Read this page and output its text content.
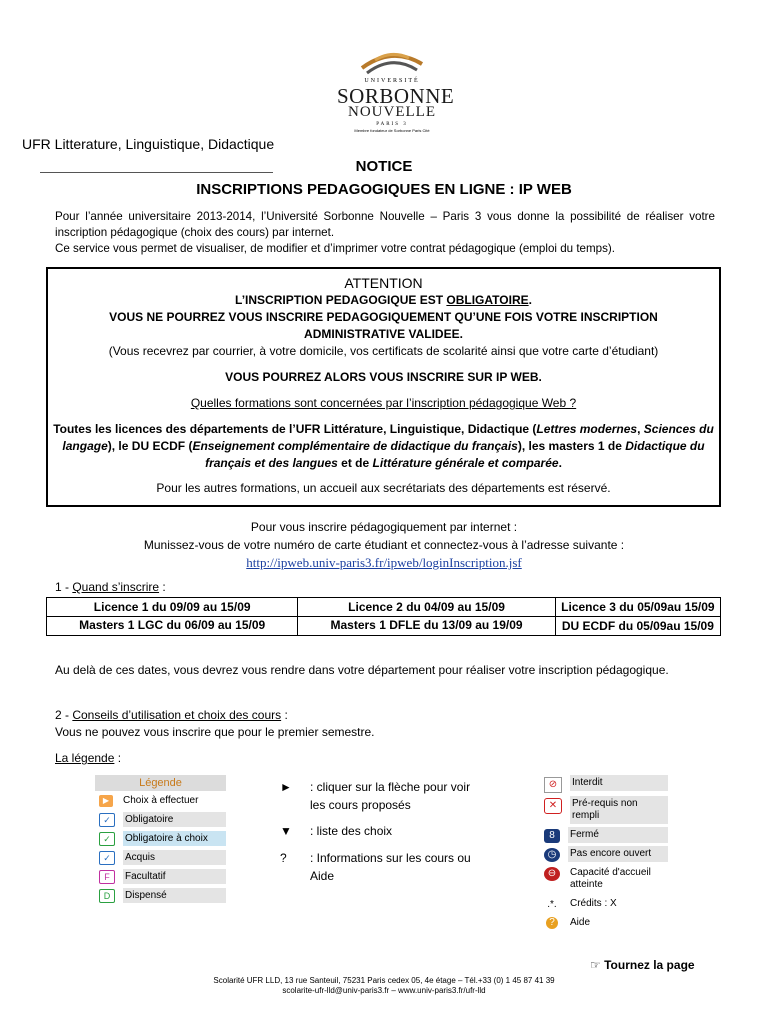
UNIVERSITÉ
SORBONNE
NOUVELLE
PARIS 3
Membre fondateur de Sorbonne Paris Cité
UFR Litterature, Linguistique, Didactique
NOTICE
INSCRIPTIONS PEDAGOGIQUES EN LIGNE : IP WEB

Pour l’année universitaire 2013-2014, l’Université Sorbonne Nouvelle – Paris 3 vous donne la possibilité de réaliser votre inscription pédagogique (choix des cours) par internet.

Ce service vous permet de visualiser, de modifier et d’imprimer votre contrat pédagogique (emploi du temps).

ATTENTION

L’INSCRIPTION PEDAGOGIQUE EST OBLIGATOIRE.

VOUS NE POURREZ VOUS INSCRIRE PEDAGOGIQUEMENT QU’UNE FOIS VOTRE INSCRIPTION ADMINISTRATIVE VALIDEE.

(Vous recevrez par courrier, à votre domicile, vos certificats de scolarité ainsi que votre carte d’étudiant)

VOUS POURREZ ALORS VOUS INSCRIRE SUR IP WEB.

Quelles formations sont concernées par l’inscription pédagogique Web ?

Toutes les licences des départements de l’UFR Littérature, Linguistique, Didactique (Lettres modernes, Sciences du langage), le DU ECDF (Enseignement complémentaire de didactique du français), les masters 1 de Didactique du français et des langues et de Littérature générale et comparée.

Pour les autres formations, un accueil aux secrétariats des départements est réservé.

Pour vous inscrire pédagogiquement par internet :
Munissez-vous de votre numéro de carte étudiant et connectez-vous à l’adresse suivante :
http://ipweb.univ-paris3.fr/ipweb/loginInscription.jsf
1 - Quand s’inscrire :
Licence 1 du 09/09 au 15/09	Licence 2 du 04/09 au 15/09	Licence 3 du 05/09au 15/09
Masters 1 LGC du 06/09 au 15/09	Masters 1 DFLE du 13/09 au 19/09	DU ECDF du 05/09au 15/09
Au delà de ces dates, vous devrez vous rendre dans votre département pour réaliser votre inscription pédagogique.
2 - Conseils d’utilisation et choix des cours :
Vous ne pouvez vous inscrire que pour le premier semestre.
La légende :
Légende
▶	Choix à effectuer
✓	Obligatoire
✓	Obligatoire à choix
✓	Acquis
F	Facultatif
D	Dispensé
►	: cliquer sur la flèche pour voir les cours proposés
▼	: liste des choix
?	: Informations sur les cours ou Aide
⊘	Interdit
✕	Pré-requis non rempli
8	Fermé
◷	Pas encore ouvert
⊖	Capacité d'accueil atteinte
.*.	Crédits : X
?	Aide
☞ Tournez la page
Scolarité UFR LLD, 13 rue Santeuil, 75231 Paris cedex 05, 4e étage – Tél.+33 (0) 1 45 87 41 39
scolarite-ufr-lld@univ-paris3.fr – www.univ-paris3.fr/ufr-lld
